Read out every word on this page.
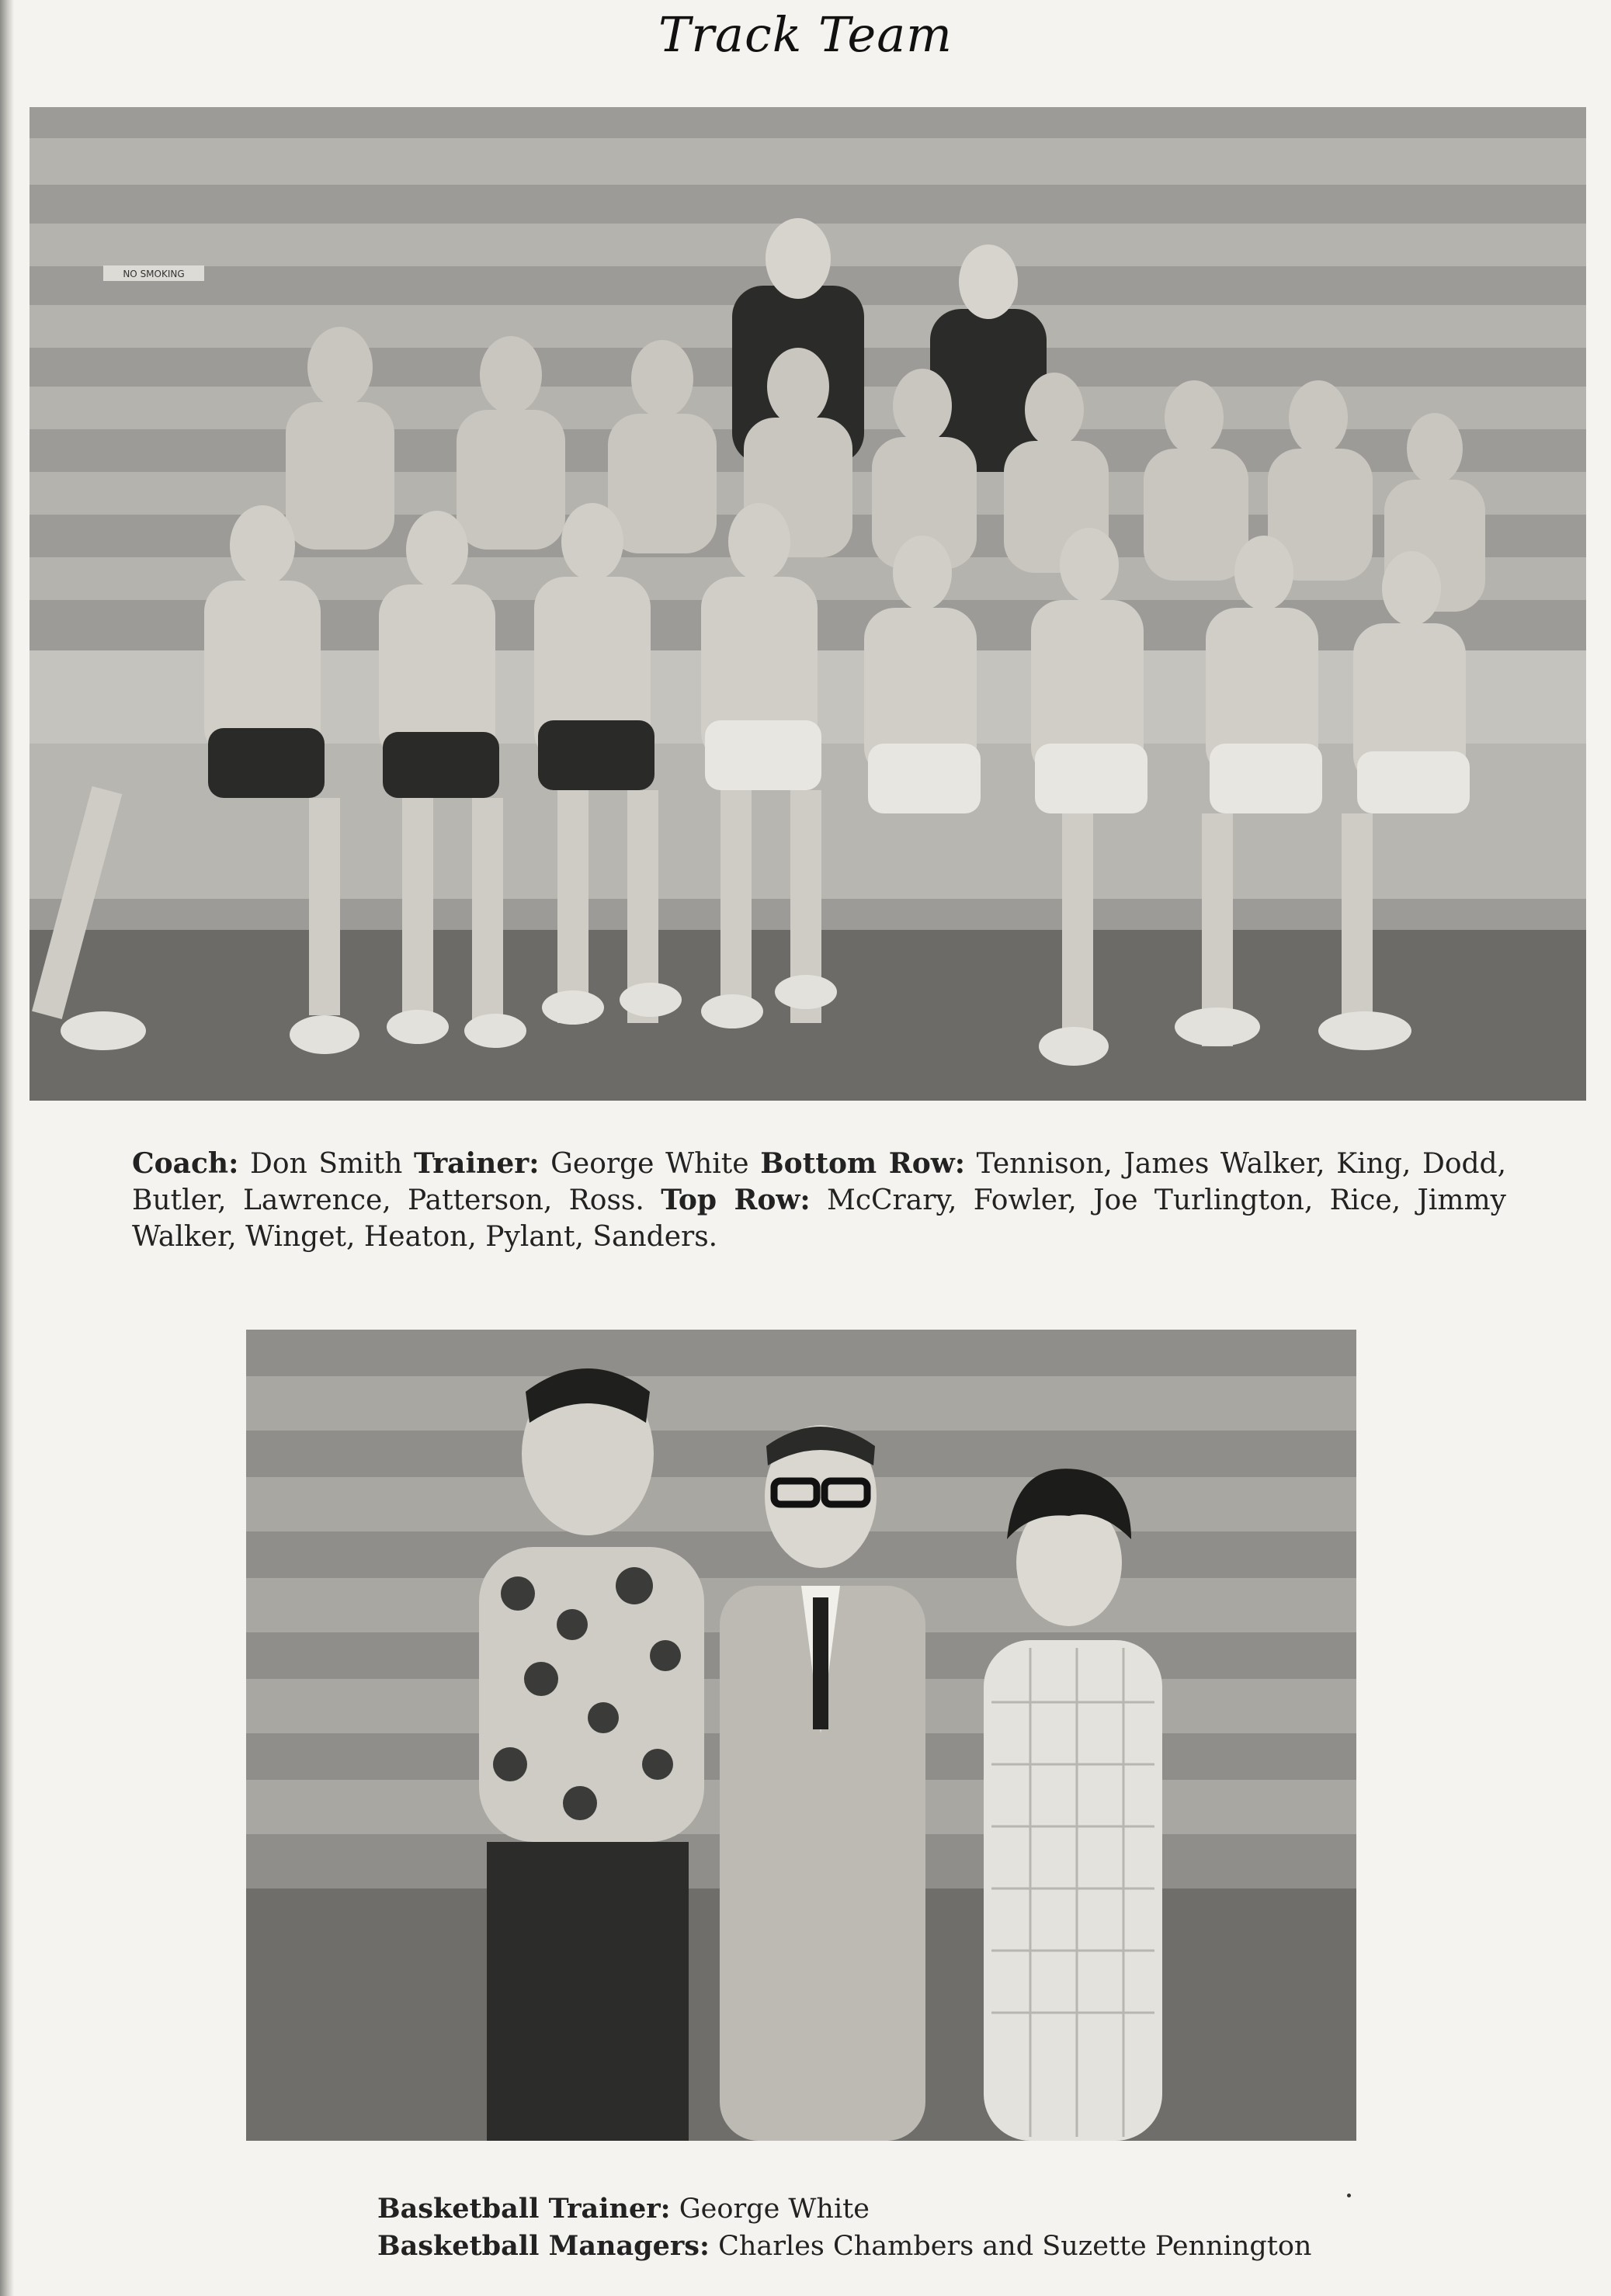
Track Team
NO SMOKING
Coach: Don Smith Trainer: George White Bottom Row: Tennison, James Walker, King, Dodd, Butler, Lawrence, Patterson, Ross. Top Row: McCrary, Fowler, Joe Turlington, Rice, Jimmy Walker, Winget, Heaton, Pylant, Sanders.
Basketball Trainer: George White
Basketball Managers: Charles Chambers and Suzette Pennington
